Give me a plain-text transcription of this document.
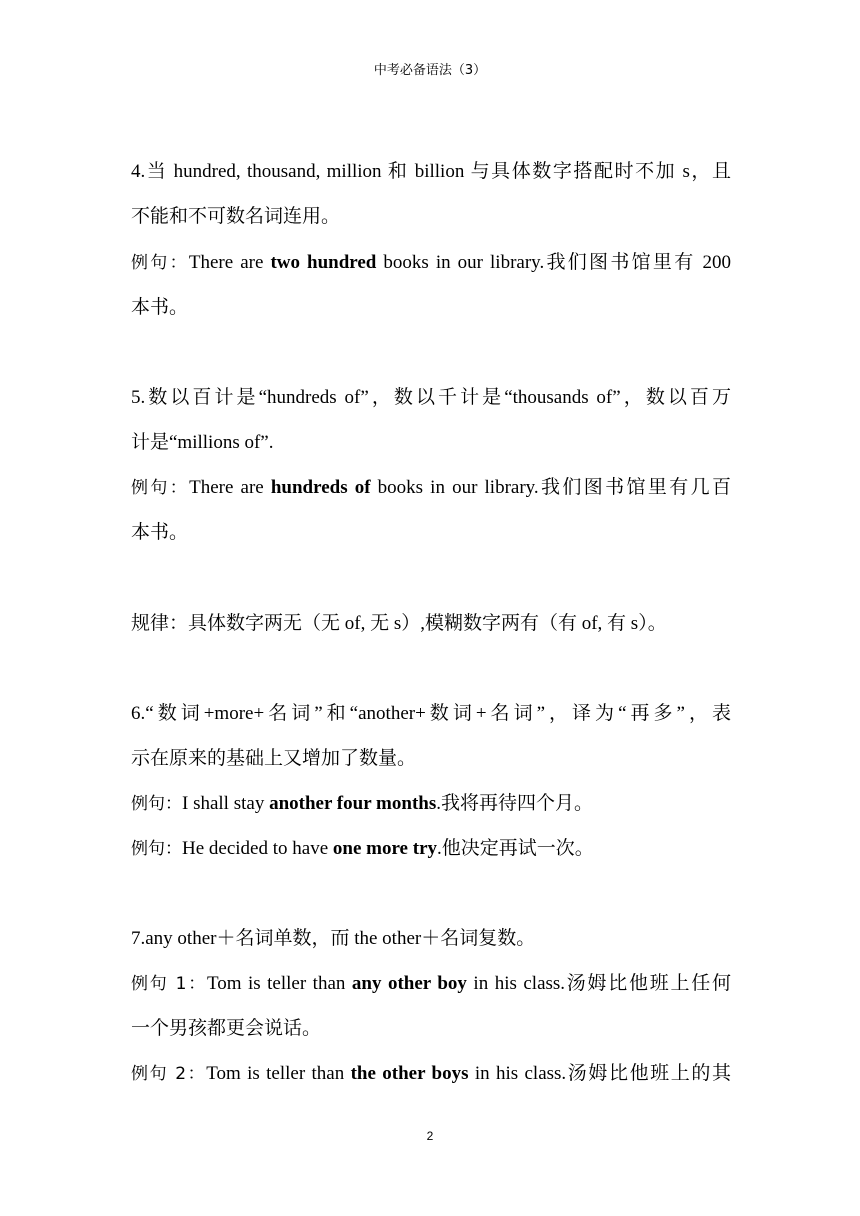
中考必备语法（3）
4.当 hundred, thousand, million 和 billion 与具体数字搭配时不加 s，且
不能和不可数名词连用。
例句：There are two hundred books in our library.我们图书馆里有 200
本书。
5.数以百计是“hundreds of”，数以千计是“thousands of”，数以百万
计是“millions of”.
例句：There are hundreds of books in our library.我们图书馆里有几百
本书。
规律：具体数字两无（无 of, 无 s）,模糊数字两有（有 of, 有 s）。
6.“数词+more+名词”和“another+数词+名词”，译为“再多”，表
示在原来的基础上又增加了数量。
例句：I shall stay another four months.我将再待四个月。
例句：He decided to have one more try.他决定再试一次。
7.any other＋名词单数，而 the other＋名词复数。
例句 1：Tom is teller than any other boy in his class.汤姆比他班上任何
一个男孩都更会说话。
例句 2：Tom is teller than the other boys in his class.汤姆比他班上的其
2
